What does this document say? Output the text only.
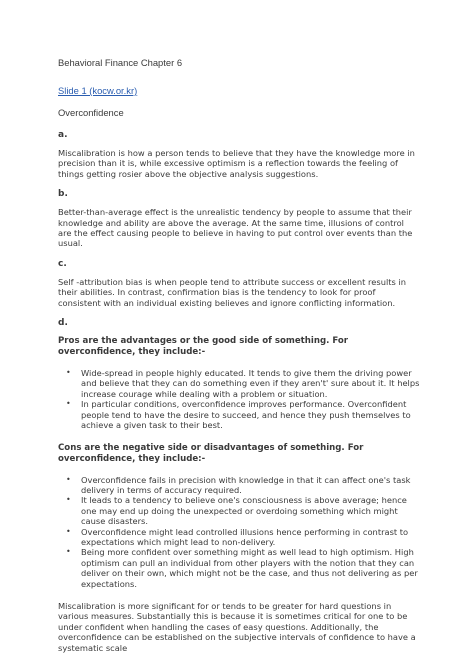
Behavioral Finance Chapter 6
Slide 1 (kocw.or.kr)
Overconfidence
a.

Miscalibration is how a person tends to believe that they have the knowledge more in precision than it is, while excessive optimism is a reflection towards the feeling of things getting rosier above the objective analysis suggestions.

b.

Better-than-average effect is the unrealistic tendency by people to assume that their knowledge and ability are above the average. At the same time, illusions of control are the effect causing people to believe in having to put control over events than the usual.

c.

Self -attribution bias is when people tend to attribute success or excellent results in their abilities. In contrast, confirmation bias is the tendency to look for proof consistent with an individual existing believes and ignore conflicting information.

d.

Pros are the advantages or the good side of something. For overconfidence, they include:-

• Wide-spread in people highly educated. It tends to give them the driving power and believe that they can do something even if they aren't' sure about it. It helps increase courage while dealing with a problem or situation.
• In particular conditions, overconfidence improves performance. Overconfident people tend to have the desire to succeed, and hence they push themselves to achieve a given task to their best.

Cons are the negative side or disadvantages of something. For overconfidence, they include:-

• Overconfidence fails in precision with knowledge in that it can affect one's task delivery in terms of accuracy required.
• It leads to a tendency to believe one's consciousness is above average; hence one may end up doing the unexpected or overdoing something which might cause disasters.
• Overconfidence might lead controlled illusions hence performing in contrast to expectations which might lead to non-delivery.
• Being more confident over something might as well lead to high optimism. High optimism can pull an individual from other players with the notion that they can deliver on their own, which might not be the case, and thus not delivering as per expectations.

Miscalibration is more significant for or tends to be greater for hard questions in various measures. Substantially this is because it is sometimes critical for one to be under confident when handling the cases of easy questions. Additionally, the overconfidence can be established on the subjective intervals of confidence to have a systematic scale
